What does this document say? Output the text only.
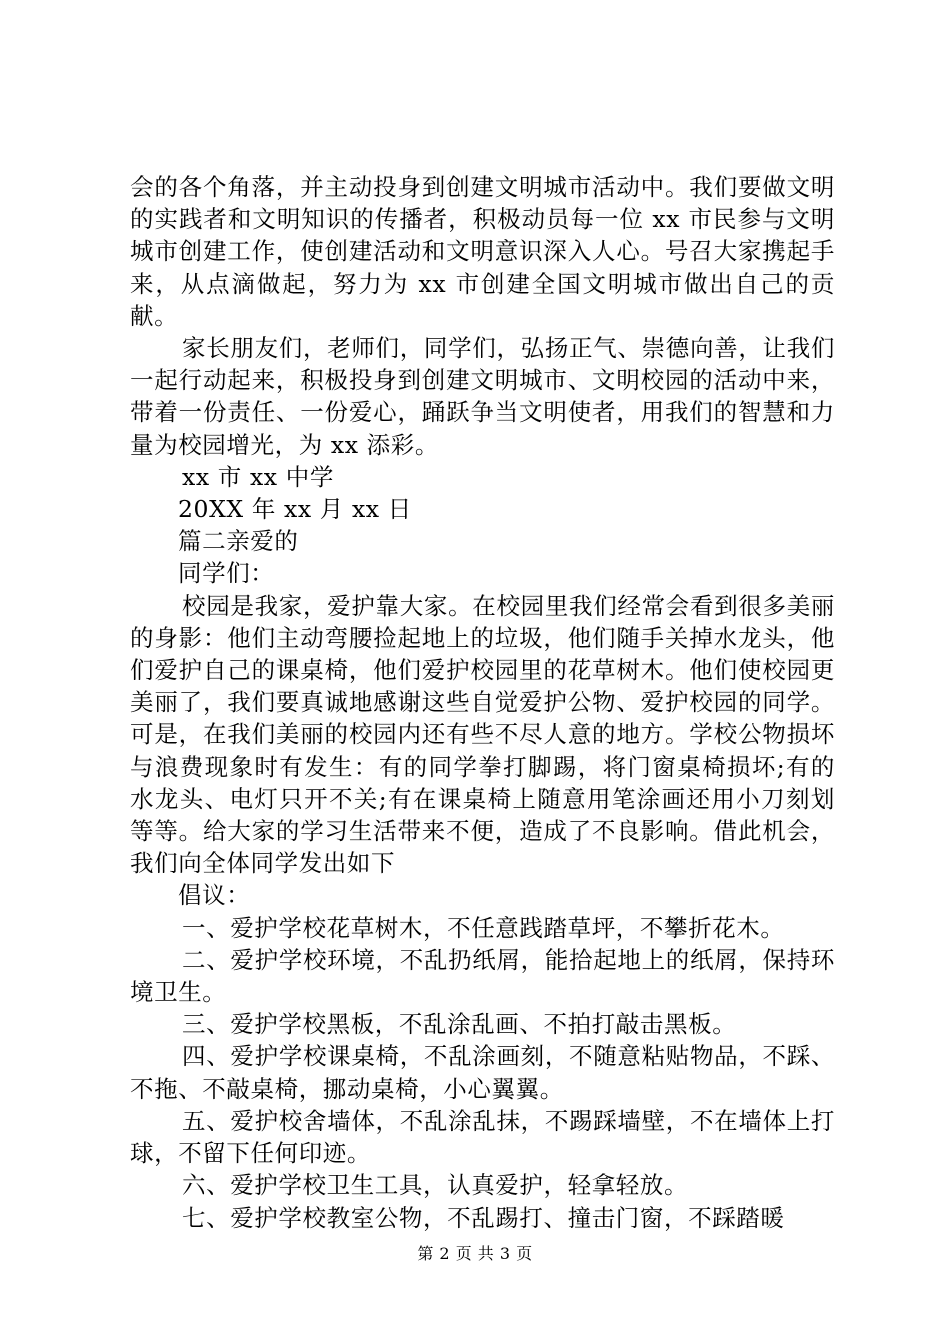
会的各个角落，并主动投身到创建文明城市活动中。我们要做文明的实践者和文明知识的传播者，积极动员每一位 xx 市民参与文明城市创建工作，使创建活动和文明意识深入人心。号召大家携起手来，从点滴做起，努力为 xx 市创建全国文明城市做出自己的贡献。

家长朋友们，老师们，同学们，弘扬正气、崇德向善，让我们一起行动起来，积极投身到创建文明城市、文明校园的活动中来，带着一份责任、一份爱心，踊跃争当文明使者，用我们的智慧和力量为校园增光，为 xx 添彩。

xx 市 xx 中学

20XX 年 xx 月 xx 日

篇二亲爱的

同学们：

校园是我家，爱护靠大家。在校园里我们经常会看到很多美丽的身影：他们主动弯腰捡起地上的垃圾，他们随手关掉水龙头，他们爱护自己的课桌椅，他们爱护校园里的花草树木。他们使校园更美丽了，我们要真诚地感谢这些自觉爱护公物、爱护校园的同学。可是，在我们美丽的校园内还有些不尽人意的地方。学校公物损坏与浪费现象时有发生：有的同学拳打脚踢，将门窗桌椅损坏;有的水龙头、电灯只开不关;有在课桌椅上随意用笔涂画还用小刀刻划等等。给大家的学习生活带来不便，造成了不良影响。借此机会，我们向全体同学发出如下

倡议：

一、爱护学校花草树木，不任意践踏草坪，不攀折花木。

二、爱护学校环境，不乱扔纸屑，能拾起地上的纸屑，保持环境卫生。

三、爱护学校黑板，不乱涂乱画、不拍打敲击黑板。

四、爱护学校课桌椅，不乱涂画刻，不随意粘贴物品，不踩、不拖、不敲桌椅，挪动桌椅，小心翼翼。

五、爱护校舍墙体，不乱涂乱抹，不踢踩墙壁，不在墙体上打球，不留下任何印迹。

六、爱护学校卫生工具，认真爱护，轻拿轻放。

七、爱护学校教室公物，不乱踢打、撞击门窗，不踩踏暖

第 2 页 共 3 页
